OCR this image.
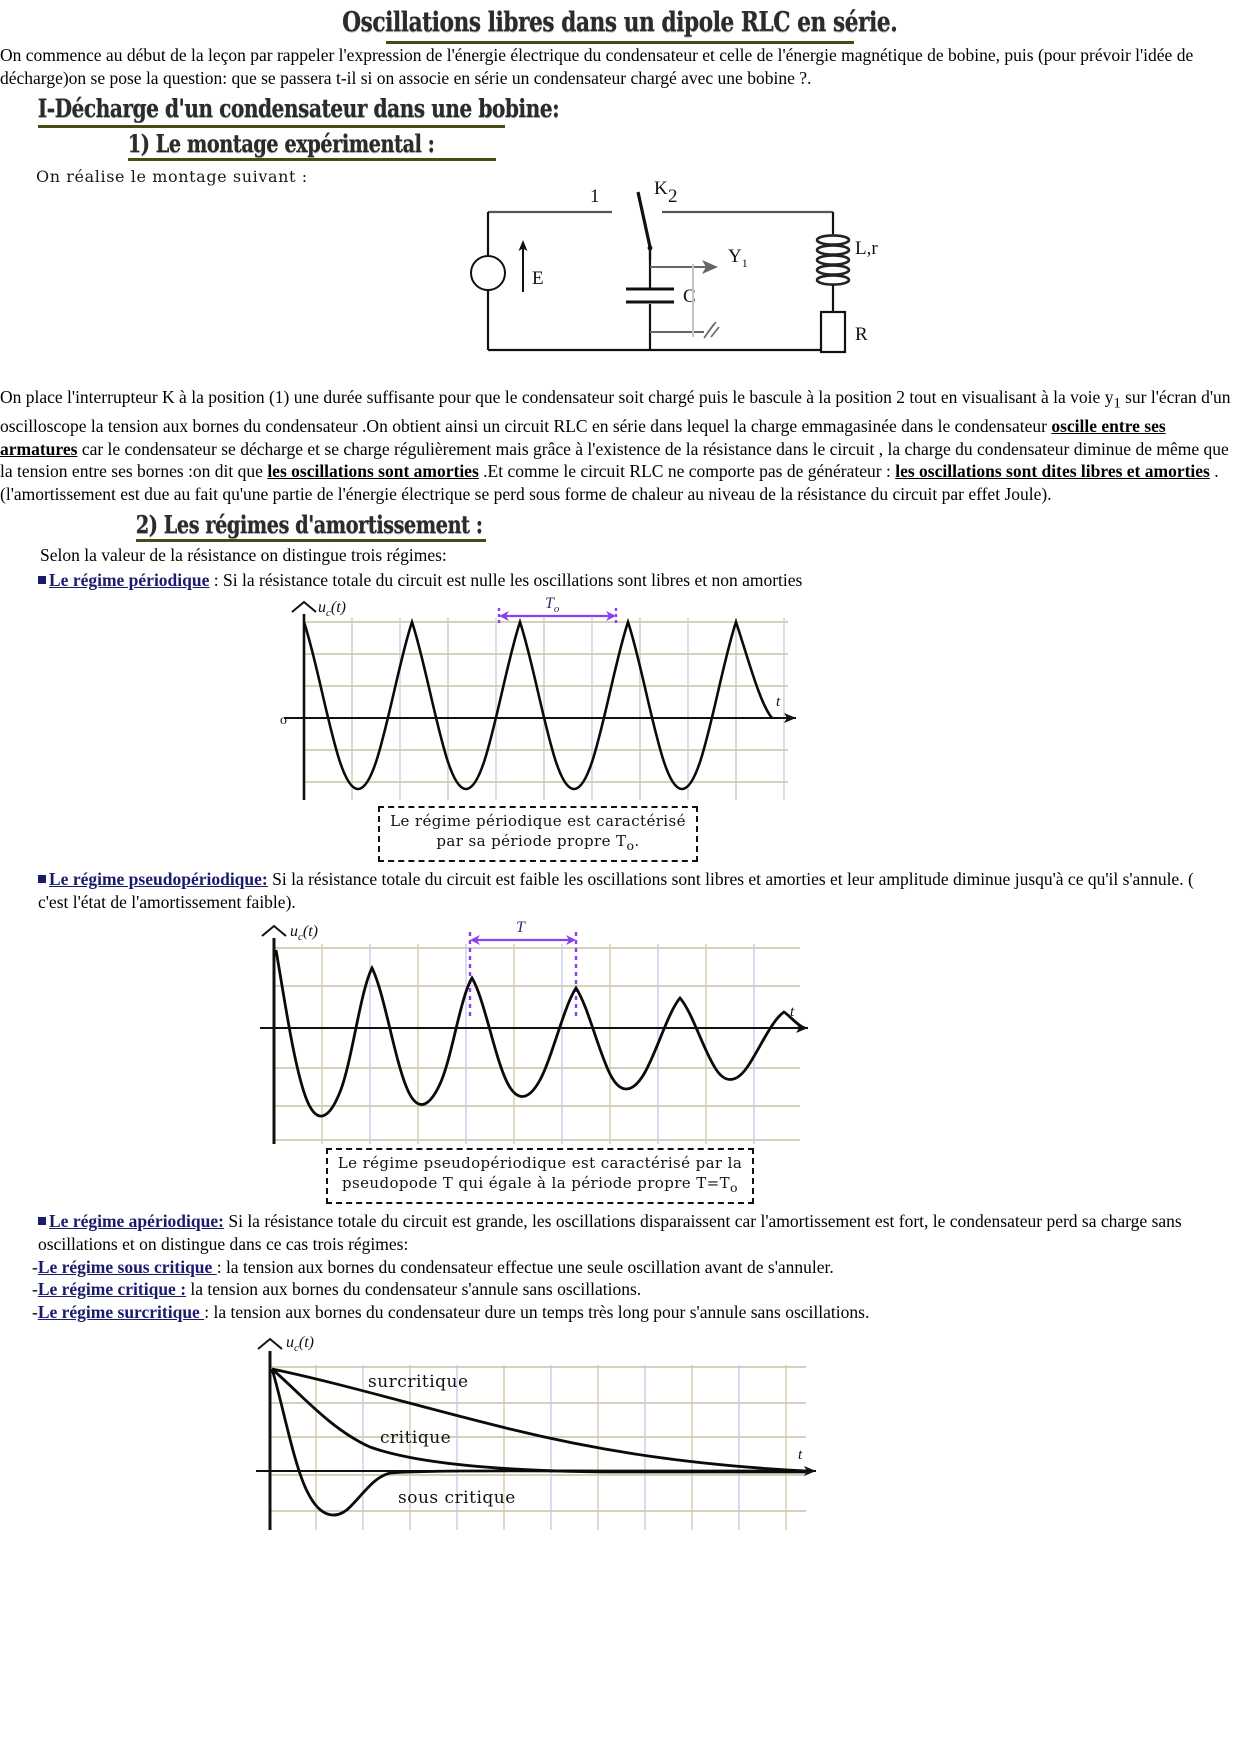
Oscillations libres dans un dipole RLC en série.

On commence au début de la leçon par rappeler l'expression de l'énergie électrique du condensateur et celle de l'énergie magnétique de bobine, puis (pour prévoir l'idée de décharge)on se pose la question: que se passera t-il si on associe en série un condensateur chargé avec une bobine ?.

I-Décharge d'un condensateur dans une bobine:
1) Le montage expérimental :
On réalise le montage suivant :
E
1	2
K
C
$Y_1$
L,r
R
On place l'interrupteur K à la position (1) une durée suffisante pour que le condensateur soit chargé puis le bascule à la position 2 tout en visualisant à la voie $y_1$ sur l'écran d'un oscilloscope la tension aux bornes du condensateur .On obtient ainsi un circuit RLC en série dans lequel la charge emmagasinée dans le condensateur oscille entre ses armatures car le condensateur se décharge et se charge régulièrement mais grâce à l'existence de la résistance dans le circuit , la charge du condensateur diminue de même que la tension entre ses bornes :on dit que les oscillations sont amorties .Et comme le circuit RLC ne comporte pas de générateur : les oscillations sont dites libres et amorties .
(l'amortissement est due au fait qu'une partie de l'énergie électrique se perd sous forme de chaleur au niveau de la résistance du circuit par effet Joule).
2) Les régimes d'amortissement :
Selon la valeur de la résistance on distingue trois régimes:
Le régime périodique : Si la résistance totale du circuit est nulle les oscillations sont libres et non amorties
o
$u_c(t)$
t
$T_o$
Le régime périodique est caractérisé
par sa période propre $T_o$.
Le régime pseudopériodique: Si la résistance totale du circuit est faible les oscillations sont libres et amorties et leur amplitude diminue jusqu'à ce qu'il s'annule. ( c'est l'état de l'amortissement faible).
$u_c(t)$
t
T
Le régime pseudopériodique est caractérisé par la
pseudopode T qui égale à la période propre $T=T_o$
Le régime apériodique: Si la résistance totale du circuit est grande, les oscillations disparaissent car l'amortissement est fort, le condensateur perd sa charge sans oscillations et on distingue dans ce cas trois régimes:
-Le régime sous critique : la tension aux bornes du condensateur effectue une seule oscillation avant de s'annuler.
-Le régime critique : la tension aux bornes du condensateur s'annule sans oscillations.
-Le régime surcritique : la tension aux bornes du condensateur dure un temps très long pour s'annule sans oscillations.
$u_c(t)$
t
surcritique
critique
sous critique
